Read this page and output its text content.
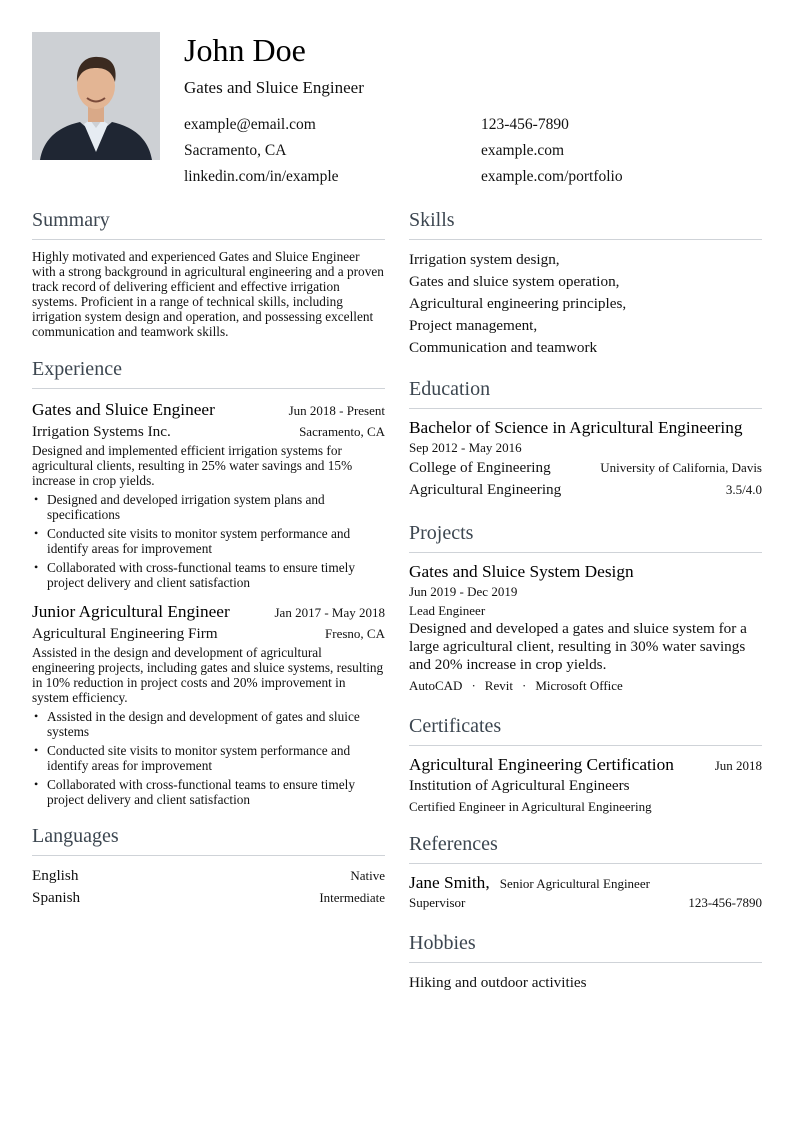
John Doe
Gates and Sluice Engineer
example@email.com	123-456-7890
Sacramento, CA	example.com
linkedin.com/in/example	example.com/portfolio
Summary

Highly motivated and experienced Gates and Sluice Engineer with a strong background in agricultural engineering and a proven track record of delivering efficient and effective irrigation systems. Proficient in a range of technical skills, including irrigation system design and operation, and possessing excellent communication and teamwork skills.

Experience
Gates and Sluice Engineer	Jun 2018 - Present
Irrigation Systems Inc.	Sacramento, CA

Designed and implemented efficient irrigation systems for agricultural clients, resulting in 25% water savings and 15% increase in crop yields.

• Designed and developed irrigation system plans and specifications
• Conducted site visits to monitor system performance and identify areas for improvement
• Collaborated with cross-functional teams to ensure timely project delivery and client satisfaction
Junior Agricultural Engineer	Jan 2017 - May 2018
Agricultural Engineering Firm	Fresno, CA

Assisted in the design and development of agricultural engineering projects, including gates and sluice systems, resulting in 10% reduction in project costs and 20% improvement in system efficiency.

• Assisted in the design and development of gates and sluice systems
• Conducted site visits to monitor system performance and identify areas for improvement
• Collaborated with cross-functional teams to ensure timely project delivery and client satisfaction
Languages
English	Native
Spanish	Intermediate
Skills
Irrigation system design,
Gates and sluice system operation,
Agricultural engineering principles,
Project management,
Communication and teamwork
Education
Bachelor of Science in Agricultural Engineering
Sep 2012 - May 2016
College of Engineering	University of California, Davis
Agricultural Engineering	3.5/4.0
Projects
Gates and Sluice System Design
Jun 2019 - Dec 2019
Lead Engineer

Designed and developed a gates and sluice system for a large agricultural client, resulting in 30% water savings and 20% increase in crop yields.

AutoCAD · Revit · Microsoft Office
Certificates
Agricultural Engineering Certification	Jun 2018
Institution of Agricultural Engineers
Certified Engineer in Agricultural Engineering
References
Jane Smith, Senior Agricultural Engineer
Supervisor	123-456-7890
Hobbies
Hiking and outdoor activities
